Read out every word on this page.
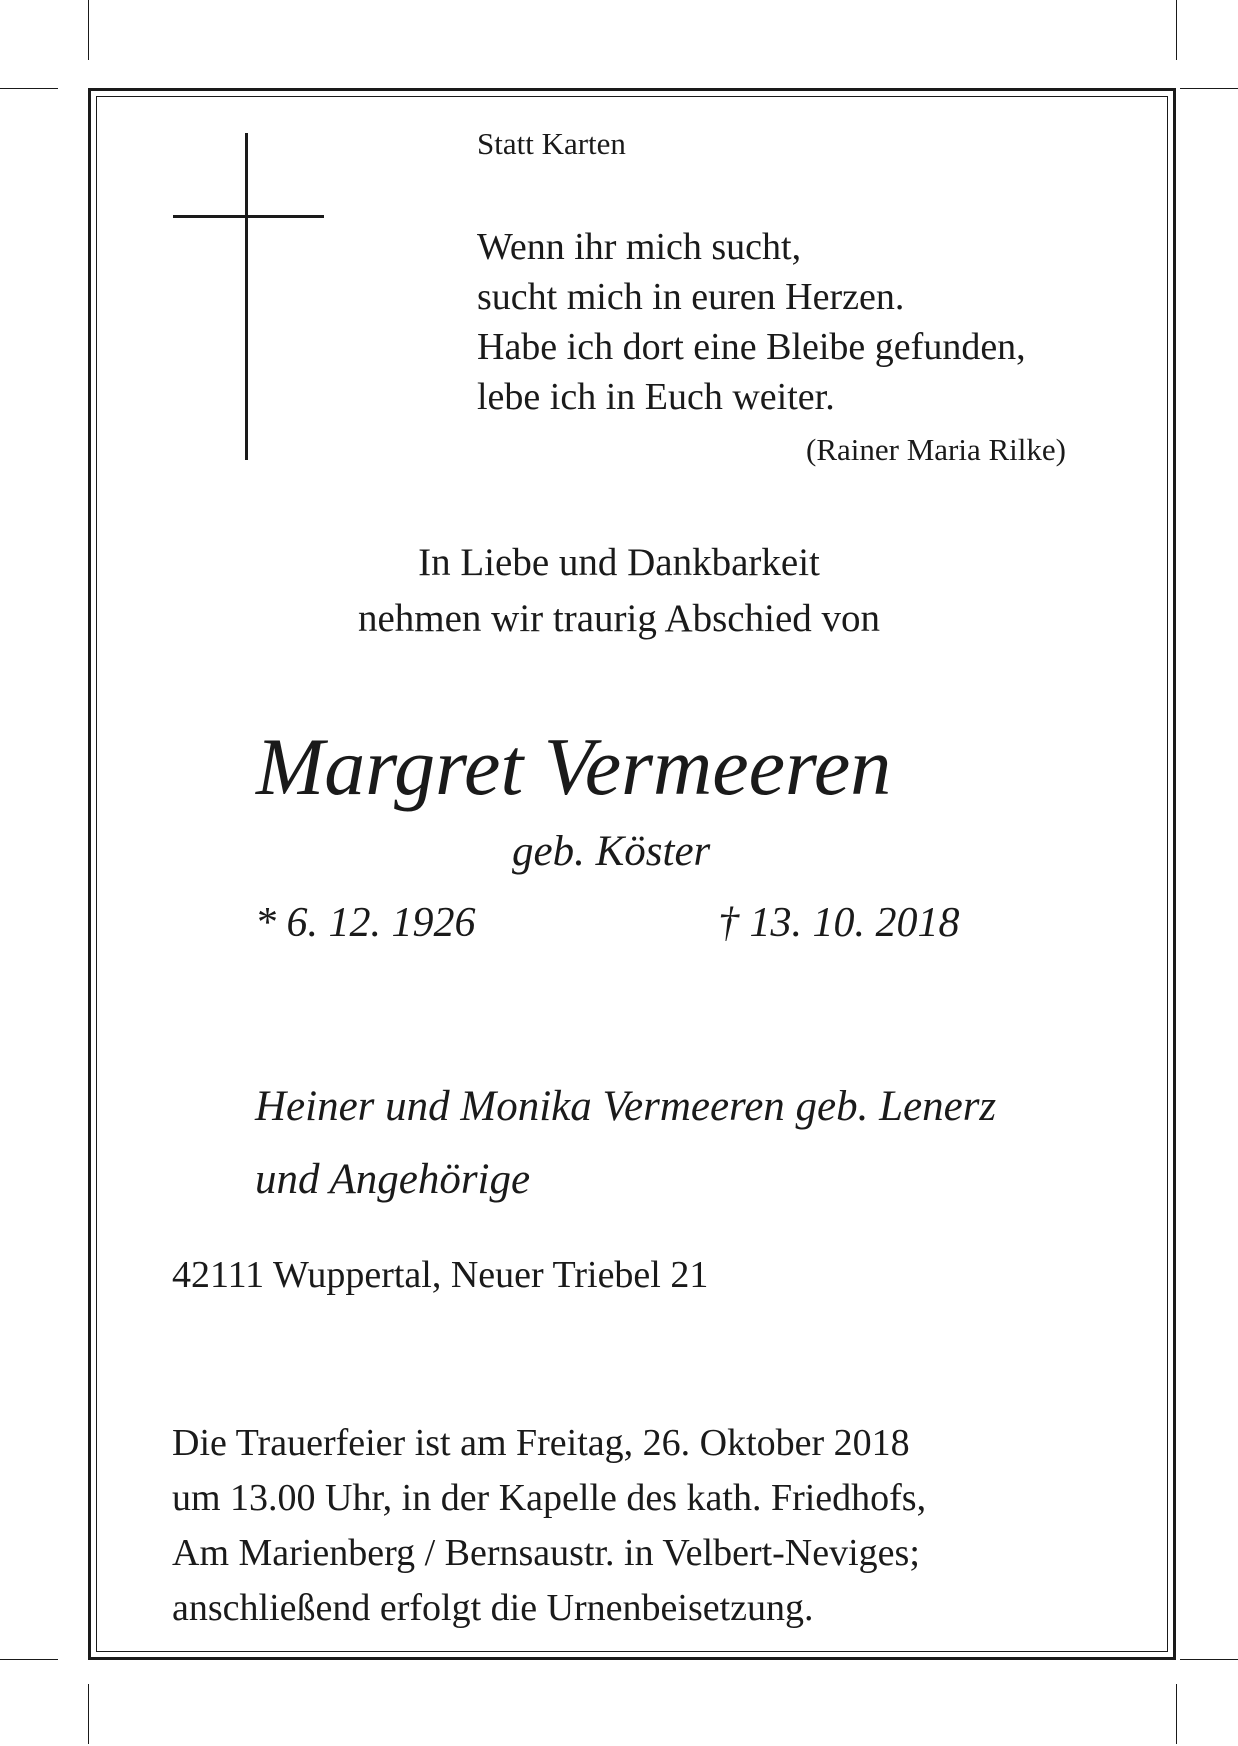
Statt Karten
Wenn ihr mich sucht,
sucht mich in euren Herzen.
Habe ich dort eine Bleibe gefunden,
lebe ich in Euch weiter.
(Rainer Maria Rilke)
In Liebe und Dankbarkeit
nehmen wir traurig Abschied von
Margret Vermeeren
geb. Köster
* 6. 12. 1926	† 13. 10. 2018
Heiner und Monika Vermeeren geb. Lenerz
und Angehörige
42111 Wuppertal, Neuer Triebel 21
Die Trauerfeier ist am Freitag, 26. Oktober 2018
um 13.00 Uhr, in der Kapelle des kath. Friedhofs,
Am Marienberg / Bernsaustr. in Velbert-Neviges;
anschließend erfolgt die Urnenbeisetzung.
